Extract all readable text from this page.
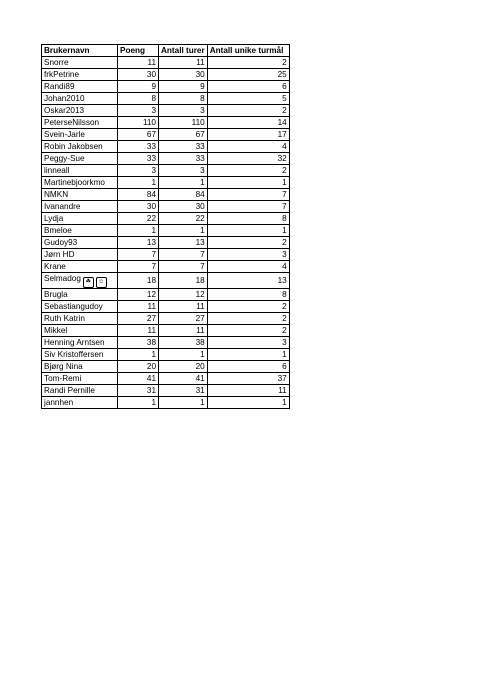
Brukernavn	Poeng	Antall turer	Antall unike turmål
Snorre	11	11	2
frkPetrine	30	30	25
Randi89	9	9	6
Johan2010	8	8	5
Oskar2013	3	3	2
PeterseNilsson	110	110	14
Svein-Jarle	67	67	17
Robin Jakobsen	33	33	4
Peggy-Sue	33	33	32
linneall	3	3	2
Martinebjoorkmo	1	1	1
NMKN	84	84	7
Ivanandre	30	30	7
Lydja	22	22	8
Bmeloe	1	1	1
Gudoy93	13	13	2
Jørn HD	7	7	3
Krane	7	7	4
Selmadog ☘ ☺	18	18	13
Brugla	12	12	8
Sebastiangudoy	11	11	2
Ruth Katrin	27	27	2
Mikkel	11	11	2
Henning Arntsen	38	38	3
Siv Kristoffersen	1	1	1
Bjørg Nina	20	20	6
Tom-Remi	41	41	37
Randi Pernille	31	31	11
jannhen	1	1	1
